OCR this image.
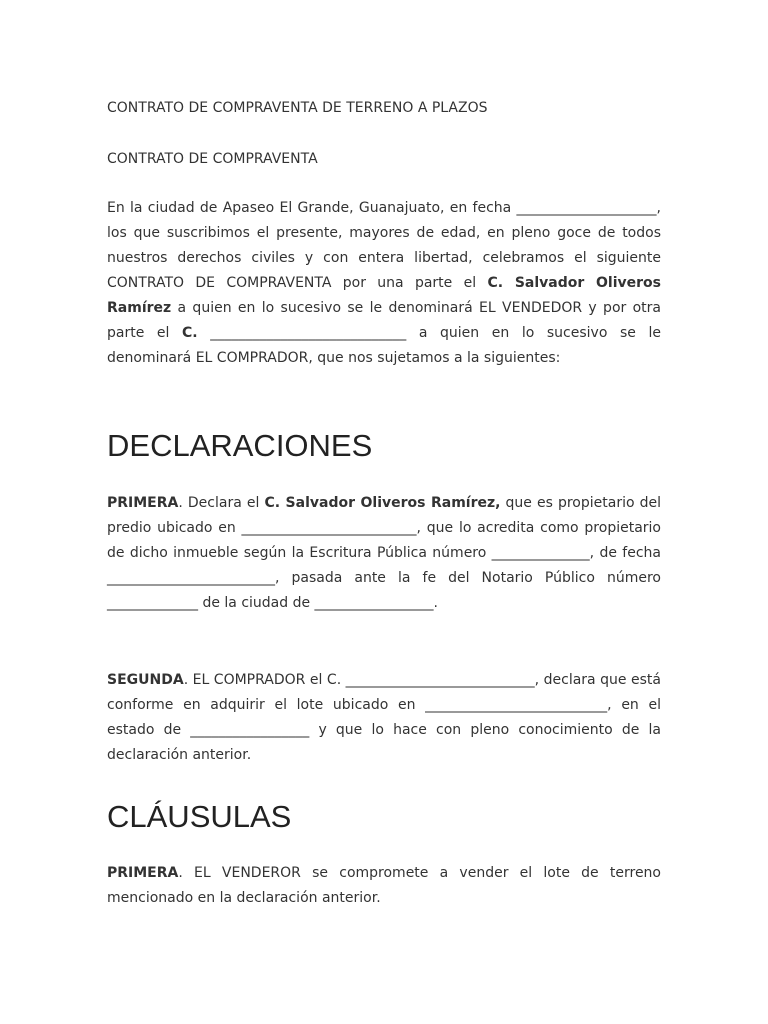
CONTRATO DE COMPRAVENTA DE TERRENO A PLAZOS
CONTRATO DE COMPRAVENTA

En la ciudad de Apaseo El Grande, Guanajuato, en fecha ____________________, los que suscribimos el presente, mayores de edad, en pleno goce de todos nuestros derechos civiles y con entera libertad, celebramos el siguiente CONTRATO DE COMPRAVENTA por una parte el C. Salvador Oliveros Ramírez a quien en lo sucesivo se le denominará EL VENDEDOR y por otra parte el C. ____________________________ a quien en lo sucesivo se le denominará EL COMPRADOR, que nos sujetamos a la siguientes:

DECLARACIONES

PRIMERA. Declara el C. Salvador Oliveros Ramírez, que es propietario del predio ubicado en _________________________, que lo acredita como propietario de dicho inmueble según la Escritura Pública número ______________, de fecha ________________________, pasada ante la fe del Notario Público número _____________ de la ciudad de _________________.

SEGUNDA. EL COMPRADOR el C. ___________________________, declara que está conforme en adquirir el lote ubicado en __________________________, en el estado de _________________ y que lo hace con pleno conocimiento de la declaración anterior.

CLÁUSULAS

PRIMERA. EL VENDEROR se compromete a vender el lote de terreno mencionado en la declaración anterior.
